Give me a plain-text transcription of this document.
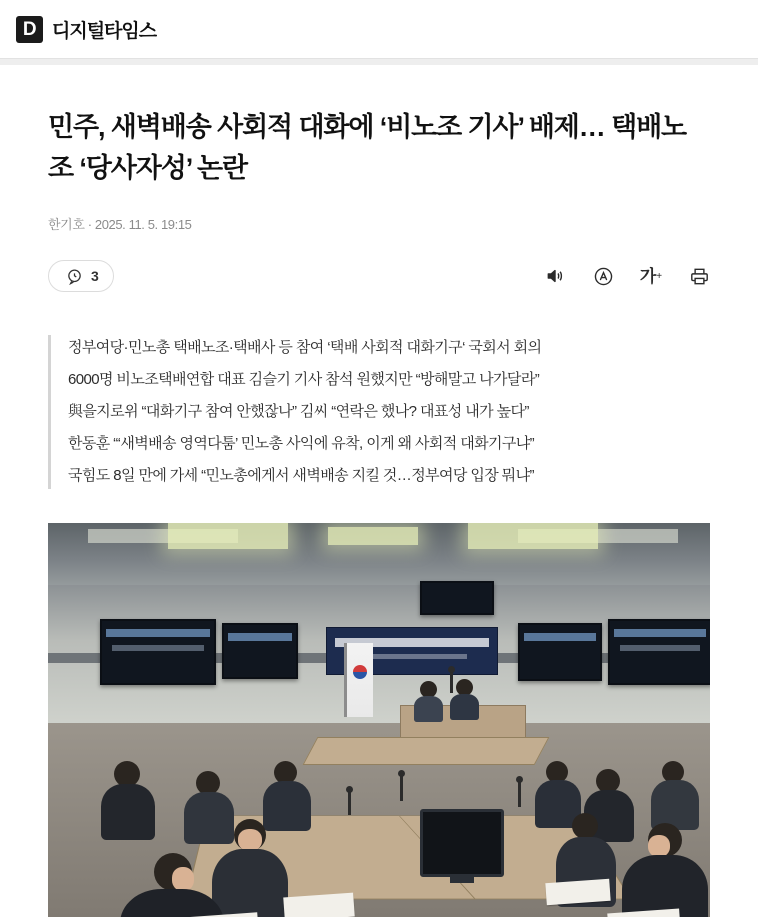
D 디지털타임스
민주, 새벽배송 사회적 대화에 ‘비노조 기사’ 배제… 택배노조 ‘당사자성’ 논란
한기호 · 2025. 11. 5. 19:15
3	가 +

정부여당·민노총 택배노조·택배사 등 참여 ‘택배 사회적 대화기구‘ 국회서 회의

6000명 비노조택배연합 대표 김슬기 기사 참석 원했지만 “방해말고 나가달라”

與을지로위 “대화기구 참여 안했잖나” 김씨 “연락은 했나? 대표성 내가 높다”

한동훈 “‘새벽배송 영역다툼’ 민노총 사익에 유착, 이게 왜 사회적 대화기구냐”

국힘도 8일 만에 가세 “민노총에게서 새벽배송 지킬 것…정부여당 입장 뭐냐”
